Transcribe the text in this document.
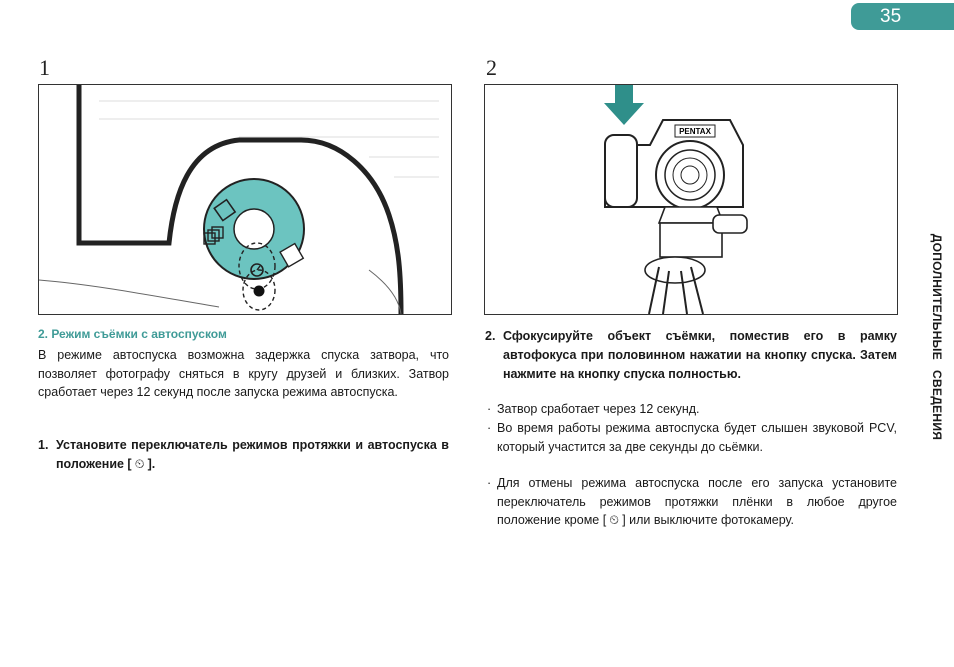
35
ДОПОЛНИТЕЛЬНЫЕСВЕДЕНИЯ
1	2
PENTAX
2. Режим съёмки с автоспуском
В режиме автоспуска возможна задержка спуска затвора, что позволяет фотографу сняться в кругу друзей и близких. Затвор сработает через 12 секунд после запуска режима автоспуска.
1. Установите переключатель режимов протяжки и автоспуска в положение [ ⏲ ].
2. Сфокусируйте объект съёмки, поместив его в рамку автофокуса при половинном нажатии на кнопку спуска. Затем нажмите на кнопку спуска полностью.
· Затвор сработает через 12 секунд.
· Во время работы режима автоспуска будет слышен звуковой PCV, который участится за две секунды до сьёмки.
· Для отмены режима автоспуска после его запуска установите переключатель режимов протяжки плёнки в любое другое положение кроме [ ⏲ ] или выключите фотокамеру.
